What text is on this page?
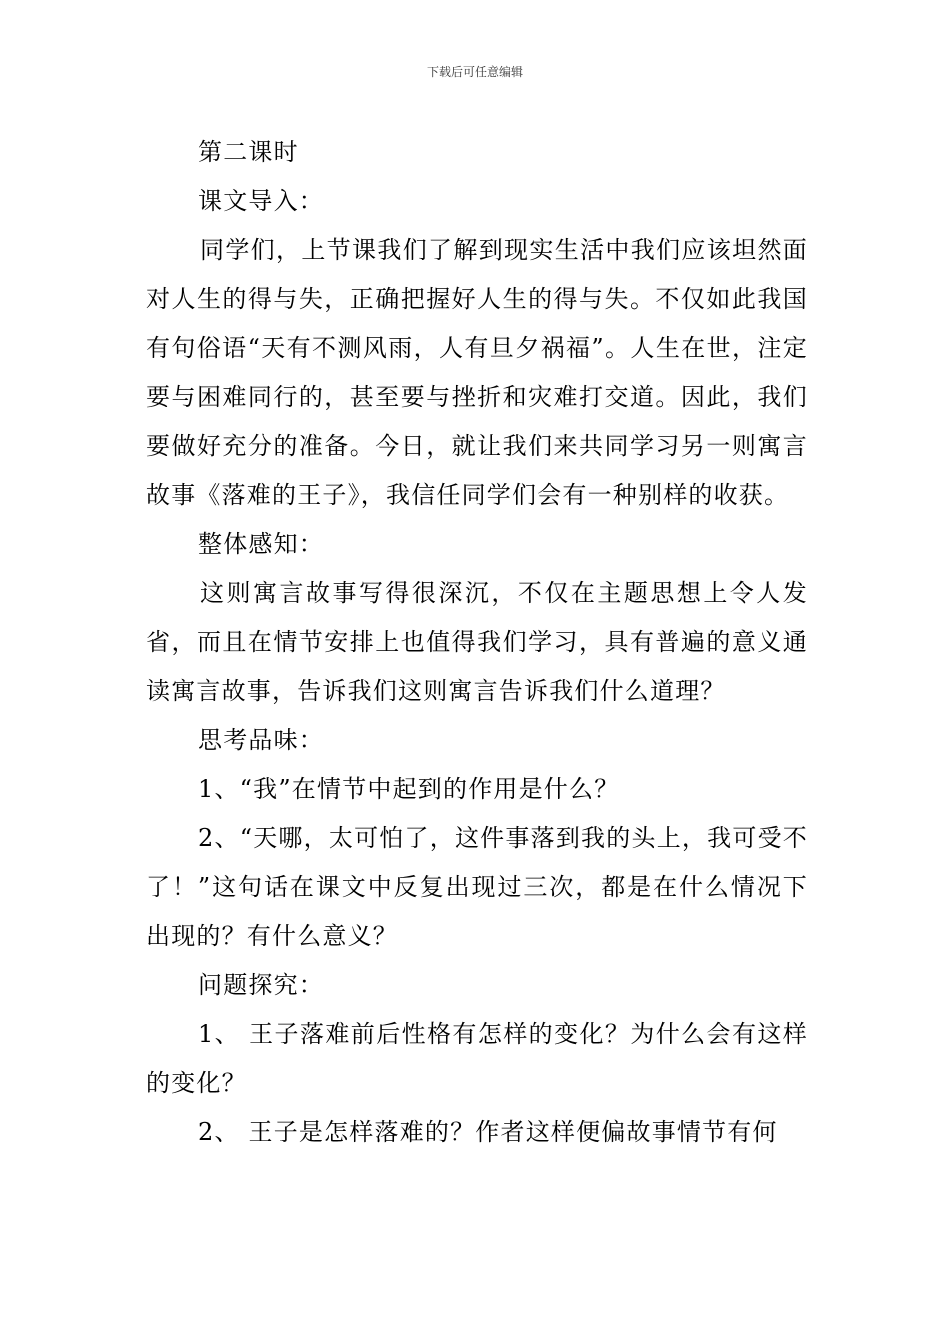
下载后可任意编辑

第二课时

课文导入：

同学们，上节课我们了解到现实生活中我们应该坦然面对人生的得与失，正确把握好人生的得与失。不仅如此我国有句俗语“天有不测风雨，人有旦夕祸福”。人生在世，注定要与困难同行的，甚至要与挫折和灾难打交道。因此，我们要做好充分的准备。今日，就让我们来共同学习另一则寓言故事《落难的王子》，我信任同学们会有一种别样的收获。

整体感知：

这则寓言故事写得很深沉，不仅在主题思想上令人发省，而且在情节安排上也值得我们学习，具有普遍的意义通读寓言故事，告诉我们这则寓言告诉我们什么道理？

思考品味：

1、“我”在情节中起到的作用是什么？

2、“天哪，太可怕了，这件事落到我的头上，我可受不了！”这句话在课文中反复出现过三次，都是在什么情况下出现的？有什么意义？

问题探究：

1、 王子落难前后性格有怎样的变化？为什么会有这样的变化？

2、 王子是怎样落难的？作者这样便偏故事情节有何
